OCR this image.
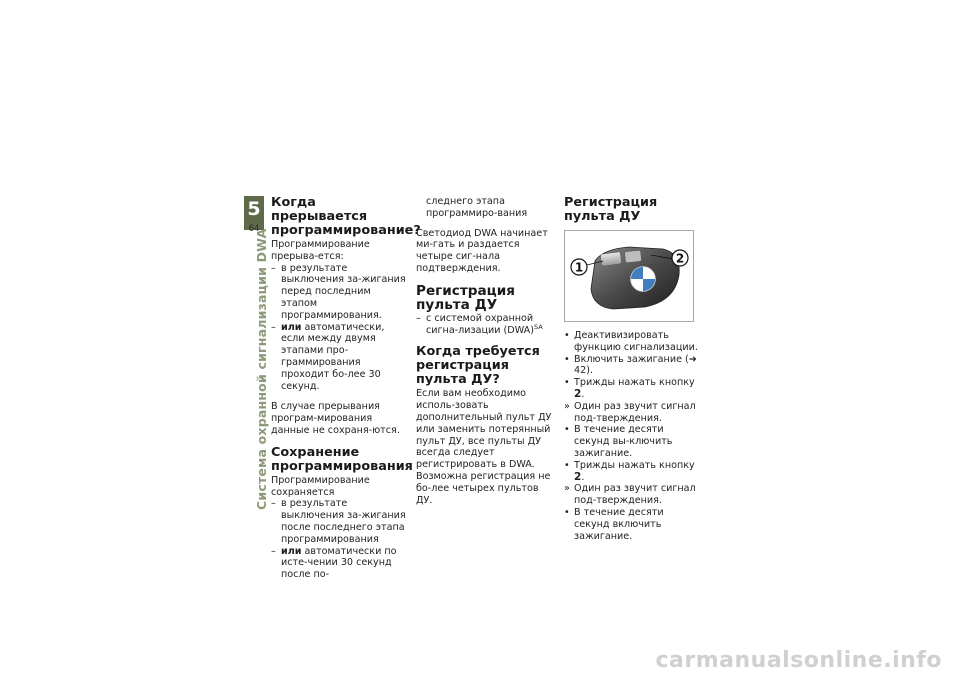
5
64
Система охранной сигнализации DWA
Когда прерывается программирование?

Программирование прерыва-ется:

– в результате выключения за-жигания перед последним этапом программирования.
– или автоматически, если между двумя этапами про-граммирования проходит бо-лее 30 секунд.

В случае прерывания програм-мирования данные не сохраня-ются.

Сохранение программирования

Программирование сохраняется

– в результате выключения за-жигания после последнего этапа программирования
– или автоматически по исте-чении 30 секунд после по-

следнего этапа программиро-вания

Светодиод DWA начинает ми-гать и раздается четыре сиг-нала подтверждения.

Регистрация пульта ДУ
– с системой охранной сигна-лизации (DWA)$^{SA}$
Когда требуется регистрация пульта ДУ?

Если вам необходимо исполь-зовать дополнительный пульт ДУ или заменить потерянный пульт ДУ, все пульты ДУ всегда следует регистрировать в DWA. Возможна регистрация не бо-лее четырех пультов ДУ.

Регистрация пульта ДУ
1
2
• Деактивизировать функцию сигнализации.
• Включить зажигание (➜ 42).
• Трижды нажать кнопку 2.
» Один раз звучит сигнал под-тверждения.
• В течение десяти секунд вы-ключить зажигание.
• Трижды нажать кнопку 2.
» Один раз звучит сигнал под-тверждения.
• В течение десяти секунд включить зажигание.
carmanualsonline.info
